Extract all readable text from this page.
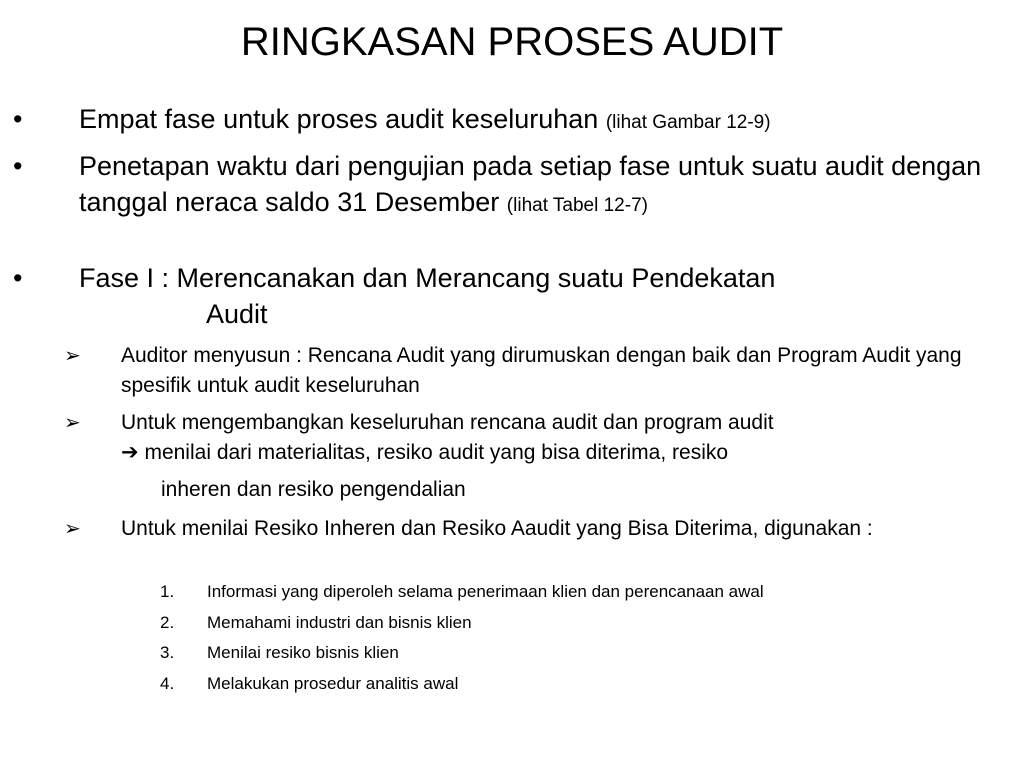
RINGKASAN PROSES AUDIT
• Empat fase untuk proses audit keseluruhan (lihat Gambar 12-9)
• Penetapan waktu dari pengujian pada setiap fase untuk suatu audit dengan tanggal neraca saldo 31 Desember (lihat Tabel 12-7)
• Fase I : Merencanakan dan Merancang suatu Pendekatan
Audit
➢ Auditor menyusun : Rencana Audit yang dirumuskan dengan baik dan Program Audit yang spesifik untuk audit keseluruhan
➢ Untuk mengembangkan keseluruhan rencana audit dan program audit
➔ menilai dari materialitas, resiko audit yang bisa diterima, resiko
inheren dan resiko pengendalian
➢ Untuk menilai Resiko Inheren dan Resiko Aaudit yang Bisa Diterima, digunakan :
1. Informasi yang diperoleh selama penerimaan klien dan perencanaan awal
2. Memahami industri dan bisnis klien
3. Menilai resiko bisnis klien
4. Melakukan prosedur analitis awal
